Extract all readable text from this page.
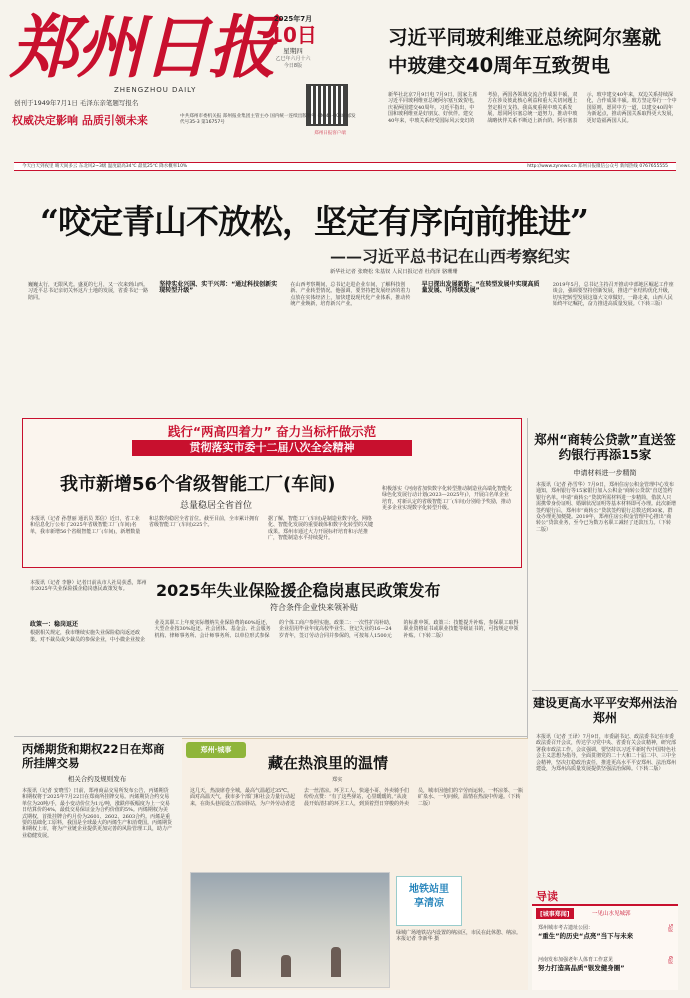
郑州日报
ZHENGZHOU DAILY
创刊于1949年7月1日 毛泽东亲笔题写报名
权威决定影响 品质引领未来
2025年7月
10日
星期四
乙巳年六月十六
今日8版
郑州日报客户端
中共郑州市委机关报 郑州报业集团主管主办 国内统一连续出版物号 CN 41-0048 邮发代号35-3 第16757号
习近平同玻利维亚总统阿尔塞就中玻建交40周年互致贺电
新华社北京7月9日电 7月9日，国家主席习近平同玻利维亚总统阿尔塞互致贺电，庆祝两国建交40周年。习近平指出，中国和玻利维亚是好朋友、好伙伴。建交40年来，中玻关系经受国际风云变幻的考验，两国各领域交流合作成果丰硕，双方在涉及彼此核心利益和重大关切问题上坚定相互支持。我高度重视中玻关系发展，愿同阿尔塞总统一道努力，推动中玻战略伙伴关系不断迈上新台阶。阿尔塞表示，玻中建交40年来，双边关系持续深化，合作成果丰硕。玻方坚定奉行一个中国原则，愿同中方一道，以建交40周年为新起点，推动两国关系取得更大发展，更好造福两国人民。
今天白天到夜里 晴天间多云 东北风2~3级 温度最高34℃ 最低25℃ 降水概率10%	http://www.zynews.cn 郑州日报微信公众号 新闻热线 0767655555
“咬定青山不放松，坚定有序向前推进”
——习近平总书记在山西考察纪实
新华社记者 张晓松 朱基钗 人民日报记者 杜尚泽 骆珊珊

巍巍太行，无限风光。盛夏的七月，又一次来到山西。习近平总书记亲切关怀这片土地的发展，省委书记一路陪同。

坚持实业兴国、实干兴邦：“通过科技创新实现转型升级”

在山西考察期间，总书记走进企业车间，了解科技创新、产业转型情况。他强调，要坚持把发展经济的着力点放在实体经济上，加快建设现代化产业体系，推动传统产业焕新，培育新兴产业。

早日探出发展新路：“在转型发展中实现高质量发展、可持续发展”

2019年5月，总书记主持召开推动中部地区崛起工作座谈会，强调要坚持创新发展，推进产业结构优化升级，切实把转型发展这篇大文章做好。一路走来，山西人民始终牢记嘱托，奋力推进高质量发展。（下转三版）

践行“两高四着力” 奋力当标杆做示范
贯彻落实市委十二届八次全会精神
我市新增56个省级智能工厂(车间)
总量稳居全省首位
本报讯（记者 孙慧丽 通讯员 郑信）近日，省工业和信息化厅公布了2025年省级智能工厂(车间)名单，我市新增56个省级智能工厂(车间)，新增数量和总数均稳居全省首位。截至目前，全市累计拥有省级智能工厂(车间)225个。
据了解，智能工厂(车间)是制造业数字化、网络化、智能化发展的重要载体和数字化转型的关键成果。郑州市通过大力开展标杆培育和示范推广，智能制造水平持续提升。
积极落实《河南省加快数字化转型推动制造业高端化智能化绿色化发展行动计划(2023—2025年)》，开展白名单企业培育，对新认定的省级智能工厂(车间)分别给予奖励，推动更多企业实现数字化转型升级。
郑州“商转公贷款”直送签约银行再添15家
申请材料进一步精简
本报讯（记者 孙雪华）7月9日，郑州住房公积金管理中心发布通知，郑州银行等15家银行加入公积金“商转公贷款”直送签约银行名单。申请“商转公”贷款所需材料进一步精简，借款人只需携带身份证明、婚姻状况证明等基本材料即可办理。此次新增签约银行后，郑州市“商转公”贷款签约银行总数达到30家，群众办理更加便捷。2019年，郑州住房公积金管理中心推出“商转公”贷款业务，至今已为数万名职工减轻了还款压力。（下转二版）
2025年失业保险援企稳岗惠民政策发布
符合条件企业快来领补贴
本报讯（记者 李静）记者日前从市人社局获悉，郑州市2025年失业保险援企稳岗惠民政策发布。

政策一：稳岗返还

根据相关规定，我市继续实施失业保险稳岗返还政策。对不裁员或少裁员的参保企业，中小微企业按企业及其职工上年度实际缴纳失业保险费的60%返还，大型企业按30%返还。社会团体、基金会、社会服务机构、律师事务所、会计师事务所、以单位形式参保的个体工商户参照实施。政策二：一次性扩岗补助，企业招用毕业年度高校毕业生、登记失业的16—24岁青年，签订劳动合同并参保的，可按每人1500元的标准申领。政策三：技能提升补贴，参保职工取得职业资格证书或职业技能等级证书的，可按规定申领补贴。（下转二版）

建设更高水平平安郑州法治郑州
本报讯（记者 王译）7月9日，市委副书记、政法委书记在市委政法委召开会议，传达学习党中央、省委有关会议精神，研究部署我市政法工作。会议强调，要坚持以习近平新时代中国特色社会主义思想为指导，全面贯彻党的二十大和二十届二中、三中全会精神，坚决扛稳政治责任，推进更高水平平安郑州、法治郑州建设，为郑州高质量发展提供坚强法治保障。（下转二版）
丙烯期货和期权22日在郑商所挂牌交易
相关合约及规则发布
本报讯（记者 安晓雪）日前，郑州商品交易所发布公告，丙烯期货和期权将于2025年7月22日在郑商所挂牌交易。丙烯期货合约交易单位为20吨/手，最小变动价位为1元/吨，涨跌停板幅度为上一交易日结算价的4%，最低交易保证金为合约价值的5%。丙烯期权为美式期权，首批挂牌合约月份为2601、2602、2603合约。丙烯是重要的基础化工原料，我国是全球最大的丙烯生产和消费国。丙烯期货和期权上市，将为产业链企业提供更加完善的风险管理工具，助力产业稳健发展。
郑州·城事
藏在热浪里的温情
郑实
这几天，热浪席卷全城，最高气温超过35℃。面对高温天气，我市多个部门和社会力量行动起来，在街头巷尾设立清凉驿站，为户外劳动者送去一丝清凉。环卫工人、快递小哥、外卖骑手们纷纷点赞：“有了这些驿站，心里暖暖的。”从凌晨开始清扫的环卫工人，到顶着烈日穿梭的外卖员，城市因他们的辛劳而运转。一杯凉茶、一瓶矿泉水、一句问候，温情在热浪中传递。（下转二版）
地铁站里
享清凉
绿城广场地铁站内设置的纳凉区，市民在此休憩、纳凉。 本报记者 李新华 摄
导读
[城事郑闻]	一见山水见城郭
郑州城市考古遗址公园：
“重生”的历史“点亮”当下与未来
5版
河南发布加强老年人体育工作意见
努力打造高品质“银发健身圈”
6版
